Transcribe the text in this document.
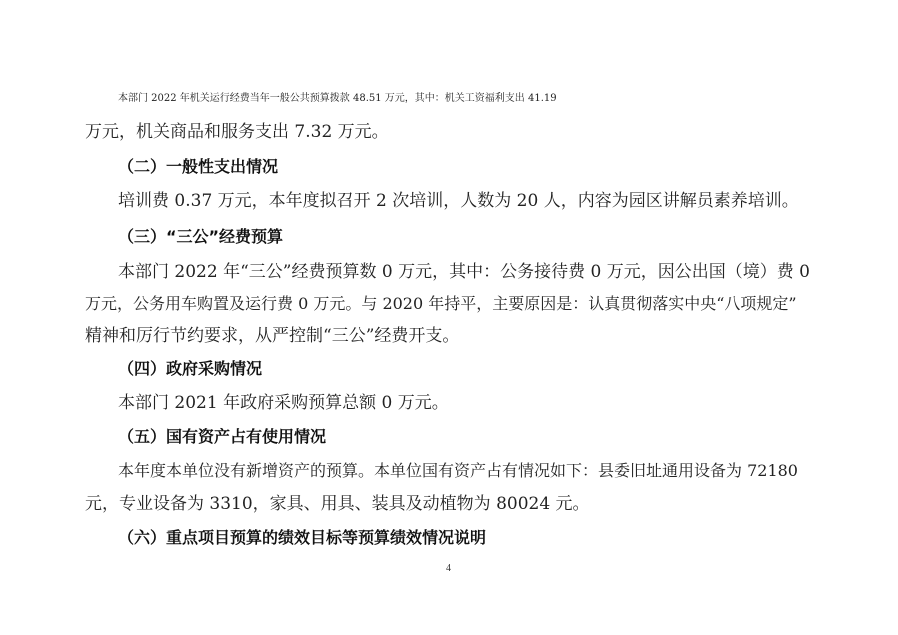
本部门 2022 年机关运行经费当年一般公共预算拨款 48.51 万元，其中：机关工资福利支出 41.19
万元，机关商品和服务支出 7.32 万元。
（二）一般性支出情况
培训费 0.37 万元，本年度拟召开 2 次培训，人数为 20 人，内容为园区讲解员素养培训。
（三）“三公”经费预算
本部门 2022 年“三公”经费预算数 0 万元，其中：公务接待费 0 万元，因公出国（境）费 0
万元，公务用车购置及运行费 0 万元。与 2020 年持平，主要原因是：认真贯彻落实中央“八项规定”
精神和厉行节约要求，从严控制“三公”经费开支。
（四）政府采购情况
本部门 2021 年政府采购预算总额 0 万元。
（五）国有资产占有使用情况
本年度本单位没有新增资产的预算。本单位国有资产占有情况如下：县委旧址通用设备为 72180
元，专业设备为 3310，家具、用具、装具及动植物为 80024 元。
（六）重点项目预算的绩效目标等预算绩效情况说明
4
